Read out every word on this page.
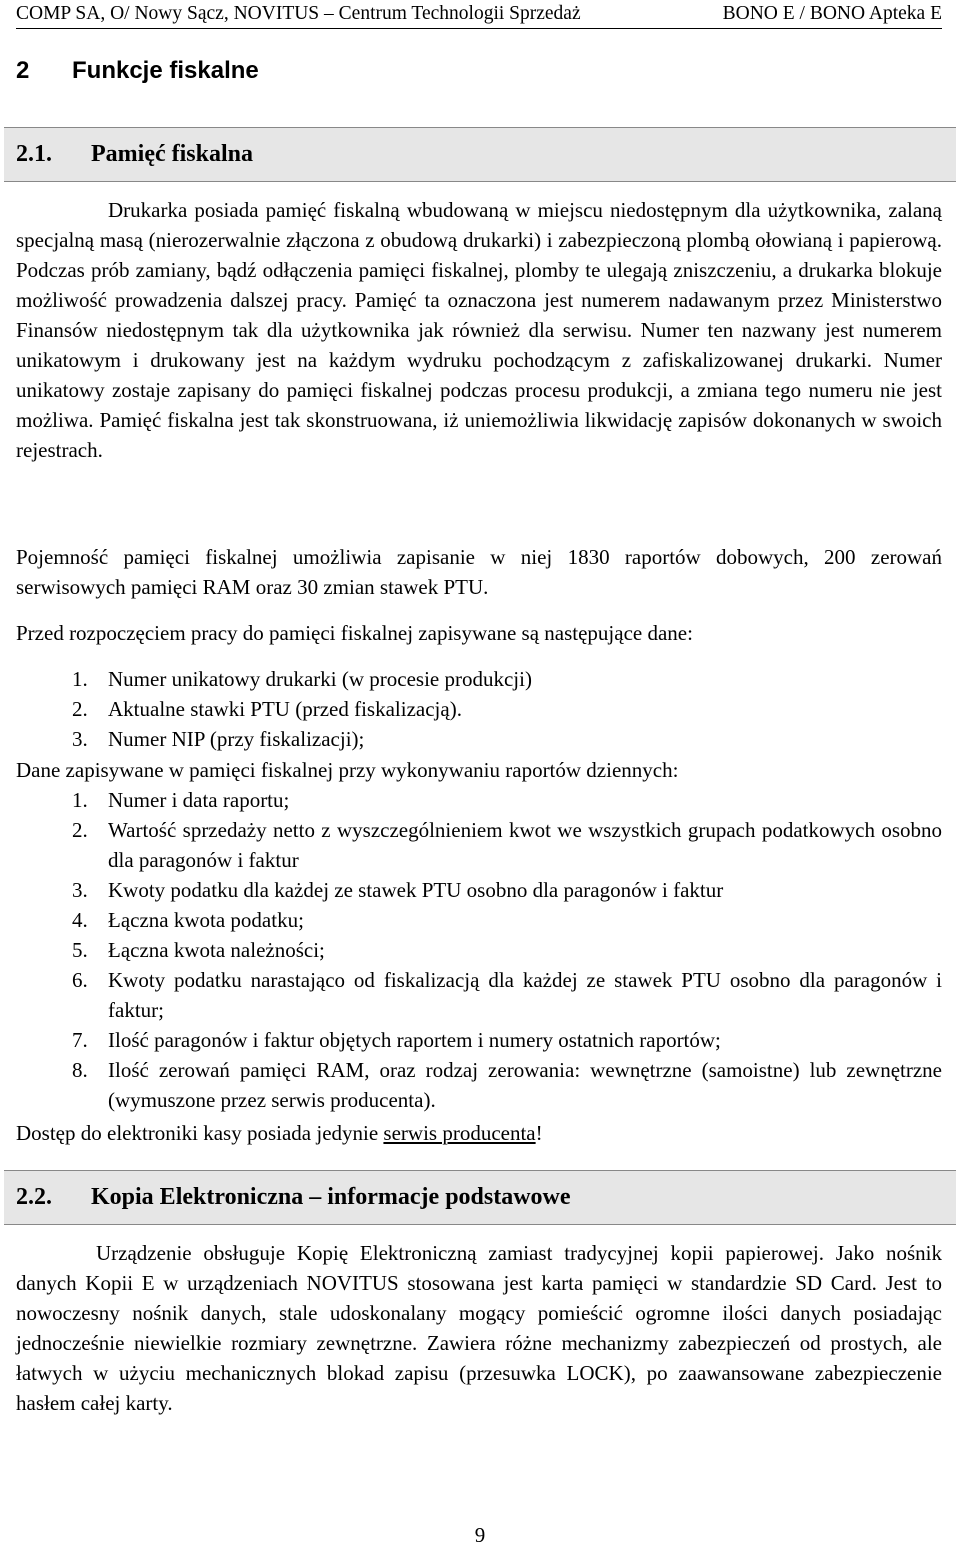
COMP SA, O/ Nowy Sącz, NOVITUS – Centrum Technologii Sprzedaż	BONO E / BONO Apteka E
2 Funkcje fiskalne
2.1. Pamięć fiskalna

Drukarka posiada pamięć fiskalną wbudowaną w miejscu niedostępnym dla użytkownika, zalaną specjalną masą (nierozerwalnie złączona z obudową drukarki) i zabezpieczoną plombą ołowianą i papierową. Podczas prób zamiany, bądź odłączenia pamięci fiskalnej, plomby te ulegają zniszczeniu, a drukarka blokuje możliwość prowadzenia dalszej pracy. Pamięć ta oznaczona jest numerem nadawanym przez Ministerstwo Finansów niedostępnym tak dla użytkownika jak również dla serwisu. Numer ten nazwany jest numerem unikatowym i drukowany jest na każdym wydruku pochodzącym z zafiskalizowanej drukarki. Numer unikatowy zostaje zapisany do pamięci fiskalnej podczas procesu produkcji, a zmiana tego numeru nie jest możliwa. Pamięć fiskalna jest tak skonstruowana, iż uniemożliwia likwidację zapisów dokonanych w swoich rejestrach.

Pojemność pamięci fiskalnej umożliwia zapisanie w niej 1830 raportów dobowych, 200 zerowań serwisowych pamięci RAM oraz 30 zmian stawek PTU.

Przed rozpoczęciem pracy do pamięci fiskalnej zapisywane są następujące dane:

1. Numer unikatowy drukarki (w procesie produkcji)
2. Aktualne stawki PTU (przed fiskalizacją).
3. Numer NIP (przy fiskalizacji);

Dane zapisywane w pamięci fiskalnej przy wykonywaniu raportów dziennych:

1. Numer i data raportu;
2. Wartość sprzedaży netto z wyszczególnieniem kwot we wszystkich grupach podatkowych osobno dla paragonów i faktur
3. Kwoty podatku dla każdej ze stawek PTU osobno dla paragonów i faktur
4. Łączna kwota podatku;
5. Łączna kwota należności;
6. Kwoty podatku narastająco od fiskalizacją dla każdej ze stawek PTU osobno dla paragonów i faktur;
7. Ilość paragonów i faktur objętych raportem i numery ostatnich raportów;
8. Ilość zerowań pamięci RAM, oraz rodzaj zerowania: wewnętrzne (samoistne) lub zewnętrzne (wymuszone przez serwis producenta).

Dostęp do elektroniki kasy posiada jedynie serwis producenta!

2.2. Kopia Elektroniczna – informacje podstawowe

Urządzenie obsługuje Kopię Elektroniczną zamiast tradycyjnej kopii papierowej. Jako nośnik danych Kopii E w urządzeniach NOVITUS stosowana jest karta pamięci w standardzie SD Card. Jest to nowoczesny nośnik danych, stale udoskonalany mogący pomieścić ogromne ilości danych posiadając jednocześnie niewielkie rozmiary zewnętrzne. Zawiera różne mechanizmy zabezpieczeń od prostych, ale łatwych w użyciu mechanicznych blokad zapisu (przesuwka LOCK), po zaawansowane zabezpieczenie hasłem całej karty.

9
